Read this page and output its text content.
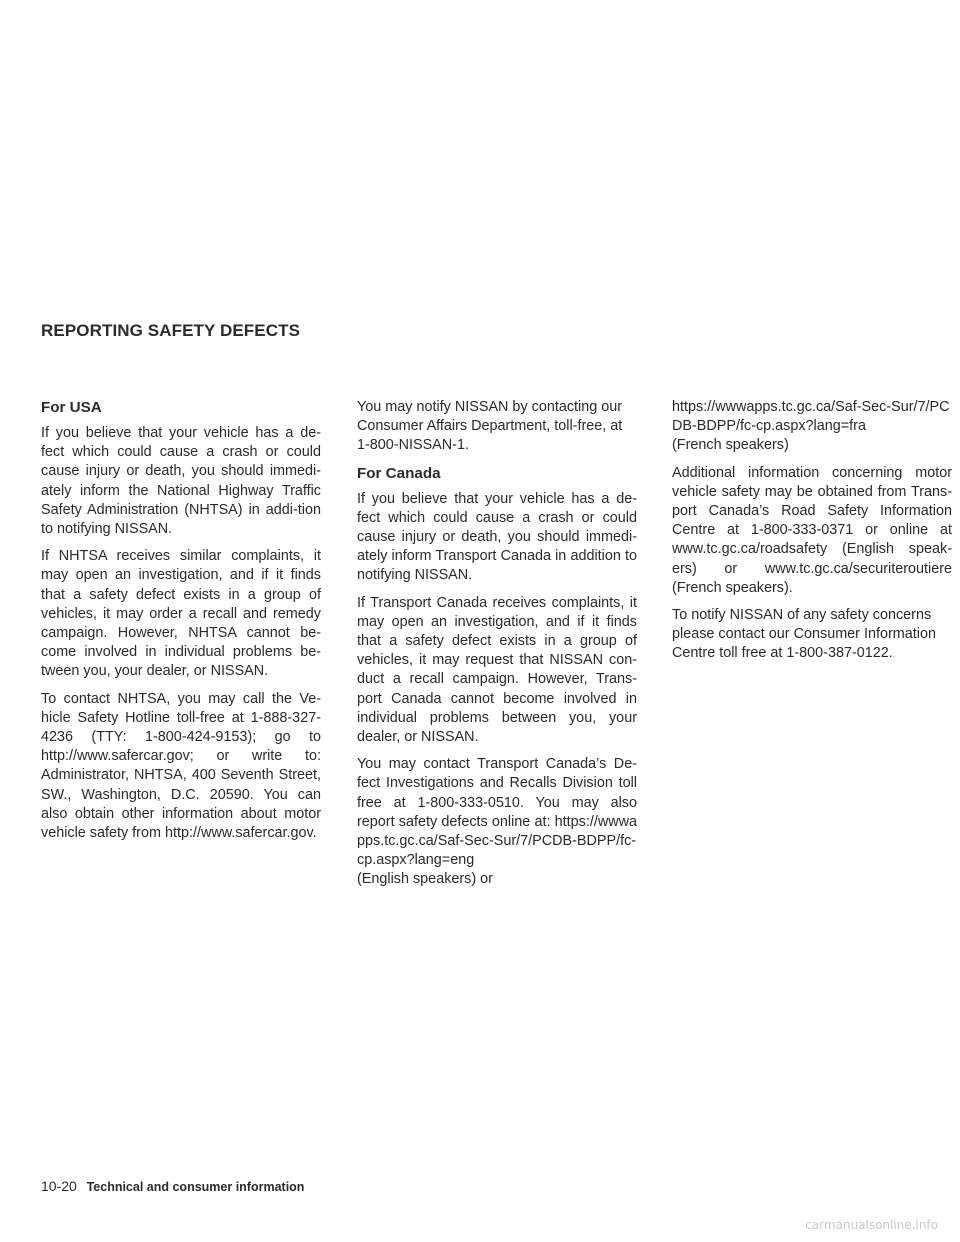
REPORTING SAFETY DEFECTS
For USA

If you believe that your vehicle has a de-fect which could cause a crash or could cause injury or death, you should immedi-ately inform the National Highway Traffic Safety Administration (NHTSA) in addi-tion to notifying NISSAN.

If NHTSA receives similar complaints, it may open an investigation, and if it finds that a safety defect exists in a group of vehicles, it may order a recall and remedy campaign. However, NHTSA cannot be-come involved in individual problems be-tween you, your dealer, or NISSAN.

To contact NHTSA, you may call the Ve-hicle Safety Hotline toll-free at 1-888-327-4236 (TTY: 1-800-424-9153); go to http://www.safercar.gov; or write to: Administrator, NHTSA, 400 Seventh Street, SW., Washington, D.C. 20590. You can also obtain other information about motor vehicle safety from http://www.safercar.gov.

You may notify NISSAN by contacting our Consumer Affairs Department, toll-free, at 1-800-NISSAN-1.

For Canada

If you believe that your vehicle has a de-fect which could cause a crash or could cause injury or death, you should immedi-ately inform Transport Canada in addition to notifying NISSAN.

If Transport Canada receives complaints, it may open an investigation, and if it finds that a safety defect exists in a group of vehicles, it may request that NISSAN con-duct a recall campaign. However, Trans-port Canada cannot become involved in individual problems between you, your dealer, or NISSAN.

You may contact Transport Canada’s De-fect Investigations and Recalls Division toll free at 1-800-333-0510. You may also report safety defects online at: https://wwwapps.tc.gc.ca/Saf-Sec-Sur/7/PCDB-BDPP/fc-cp.aspx?lang=eng
(English speakers) or

https://wwwapps.tc.gc.ca/Saf-Sec-Sur/7/PCDB-BDPP/fc-cp.aspx?lang=fra
(French speakers)

Additional information concerning motor vehicle safety may be obtained from Trans-port Canada’s Road Safety Information Centre at 1-800-333-0371 or online at www.tc.gc.ca/roadsafety (English speak-ers) or www.tc.gc.ca/securiteroutiere (French speakers).

To notify NISSAN of any safety concerns please contact our Consumer Information Centre toll free at 1-800-387-0122.

10-20 Technical and consumer information
carmanualsonline.info
